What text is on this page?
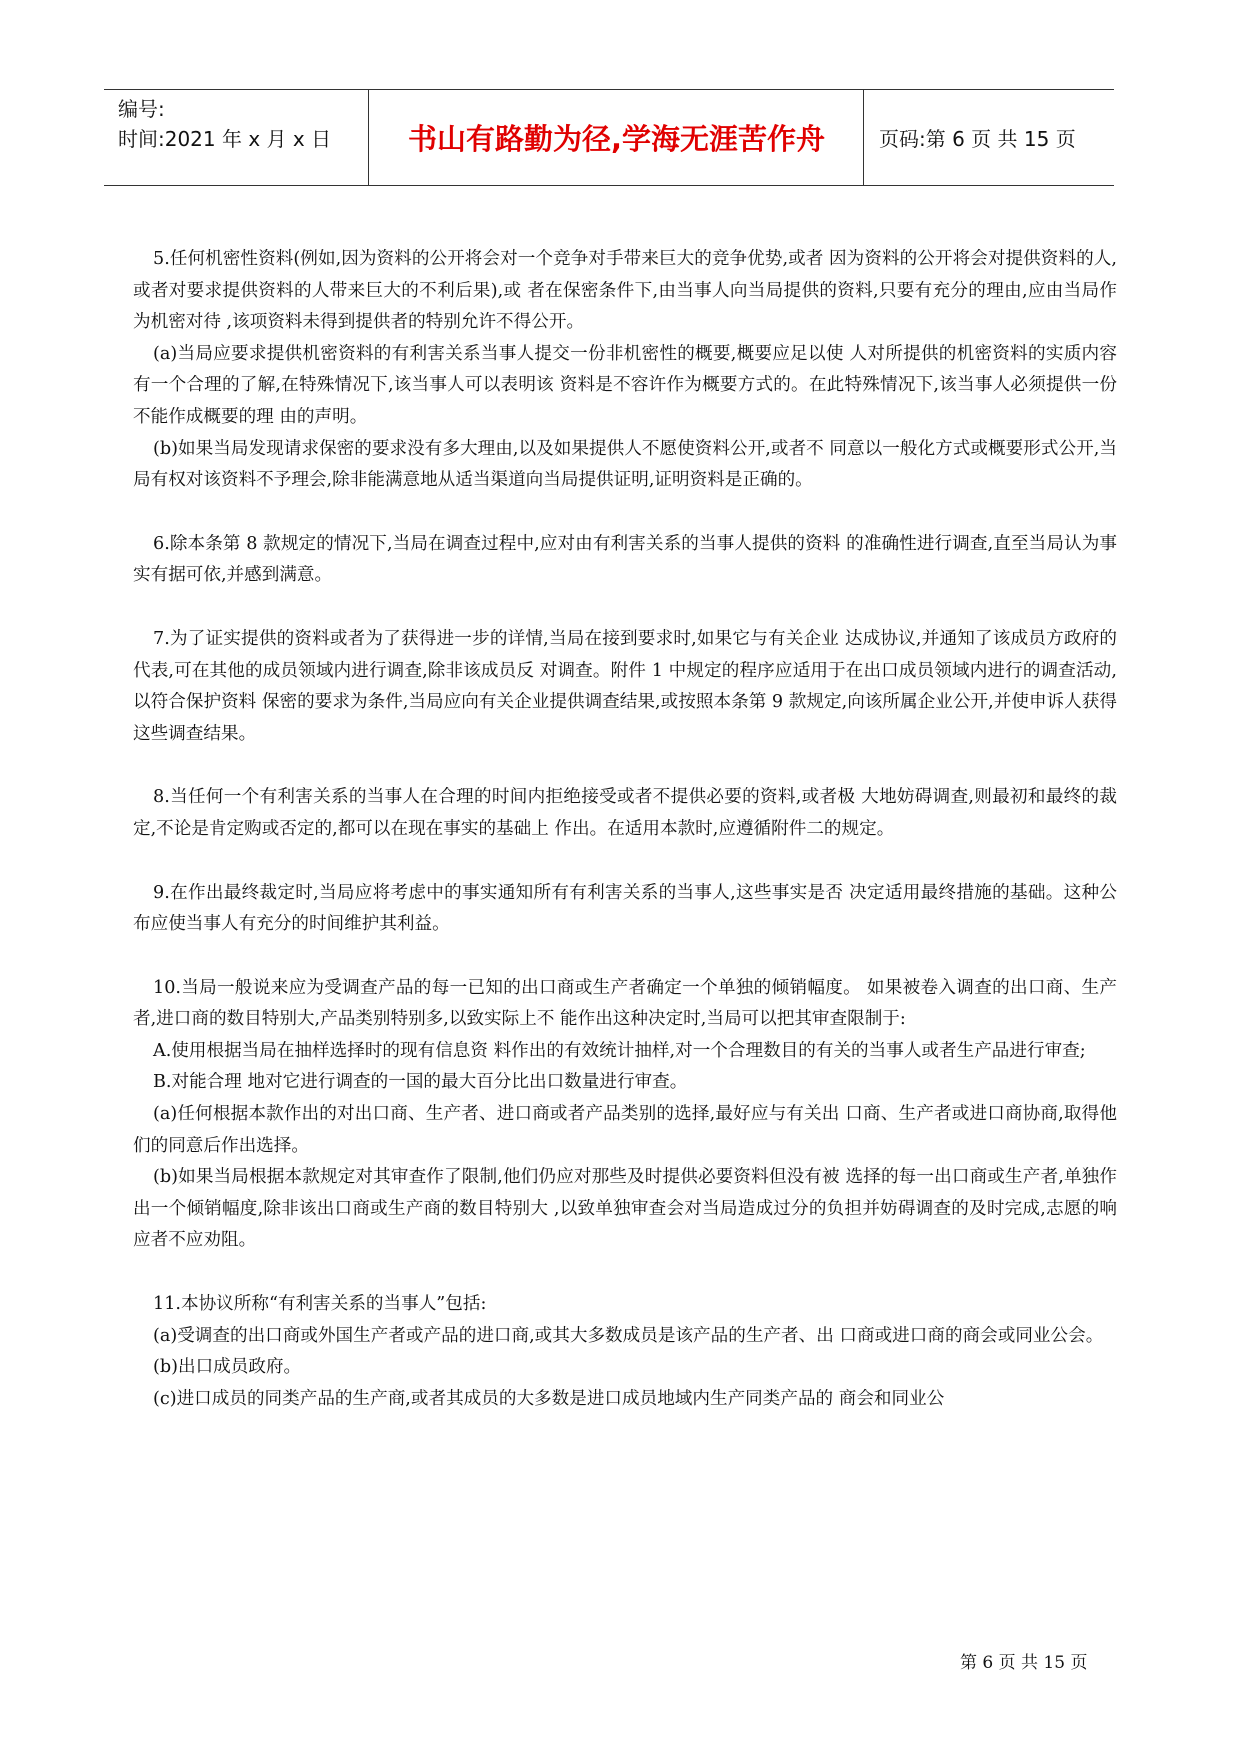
编号:
时间:2021 年 x 月 x 日	书山有路勤为径,学海无涯苦作舟	页码:第 6 页 共 15 页

5.任何机密性资料(例如,因为资料的公开将会对一个竞争对手带来巨大的竞争优势,或者 因为资料的公开将会对提供资料的人,或者对要求提供资料的人带来巨大的不利后果),或 者在保密条件下,由当事人向当局提供的资料,只要有充分的理由,应由当局作为机密对待 ,该项资料未得到提供者的特别允许不得公开。

(a)当局应要求提供机密资料的有利害关系当事人提交一份非机密性的概要,概要应足以使 人对所提供的机密资料的实质内容有一个合理的了解,在特殊情况下,该当事人可以表明该 资料是不容许作为概要方式的。在此特殊情况下,该当事人必须提供一份不能作成概要的理 由的声明。

(b)如果当局发现请求保密的要求没有多大理由,以及如果提供人不愿使资料公开,或者不 同意以一般化方式或概要形式公开,当局有权对该资料不予理会,除非能满意地从适当渠道向当局提供证明,证明资料是正确的。

6.除本条第 8 款规定的情况下,当局在调查过程中,应对由有利害关系的当事人提供的资料 的准确性进行调查,直至当局认为事实有据可依,并感到满意。

7.为了证实提供的资料或者为了获得进一步的详情,当局在接到要求时,如果它与有关企业 达成协议,并通知了该成员方政府的代表,可在其他的成员领域内进行调查,除非该成员反 对调查。附件 1 中规定的程序应适用于在出口成员领域内进行的调查活动,以符合保护资料 保密的要求为条件,当局应向有关企业提供调查结果,或按照本条第 9 款规定,向该所属企业公开,并使申诉人获得这些调查结果。

8.当任何一个有利害关系的当事人在合理的时间内拒绝接受或者不提供必要的资料,或者极 大地妨碍调查,则最初和最终的裁定,不论是肯定购或否定的,都可以在现在事实的基础上 作出。在适用本款时,应遵循附件二的规定。

9.在作出最终裁定时,当局应将考虑中的事实通知所有有利害关系的当事人,这些事实是否 决定适用最终措施的基础。这种公布应使当事人有充分的时间维护其利益。

10.当局一般说来应为受调查产品的每一已知的出口商或生产者确定一个单独的倾销幅度。 如果被卷入调查的出口商、生产者,进口商的数目特别大,产品类别特别多,以致实际上不 能作出这种决定时,当局可以把其审查限制于:

A.使用根据当局在抽样选择时的现有信息资 料作出的有效统计抽样,对一个合理数目的有关的当事人或者生产品进行审查;

B.对能合理 地对它进行调查的一国的最大百分比出口数量进行审查。

(a)任何根据本款作出的对出口商、生产者、进口商或者产品类别的选择,最好应与有关出 口商、生产者或进口商协商,取得他们的同意后作出选择。

(b)如果当局根据本款规定对其审查作了限制,他们仍应对那些及时提供必要资料但没有被 选择的每一出口商或生产者,单独作出一个倾销幅度,除非该出口商或生产商的数目特别大 ,以致单独审查会对当局造成过分的负担并妨碍调查的及时完成,志愿的响应者不应劝阻。

11.本协议所称“有利害关系的当事人”包括:

(a)受调查的出口商或外国生产者或产品的进口商,或其大多数成员是该产品的生产者、出 口商或进口商的商会或同业公会。

(b)出口成员政府。

(c)进口成员的同类产品的生产商,或者其成员的大多数是进口成员地域内生产同类产品的 商会和同业公

第 6 页 共 15 页
